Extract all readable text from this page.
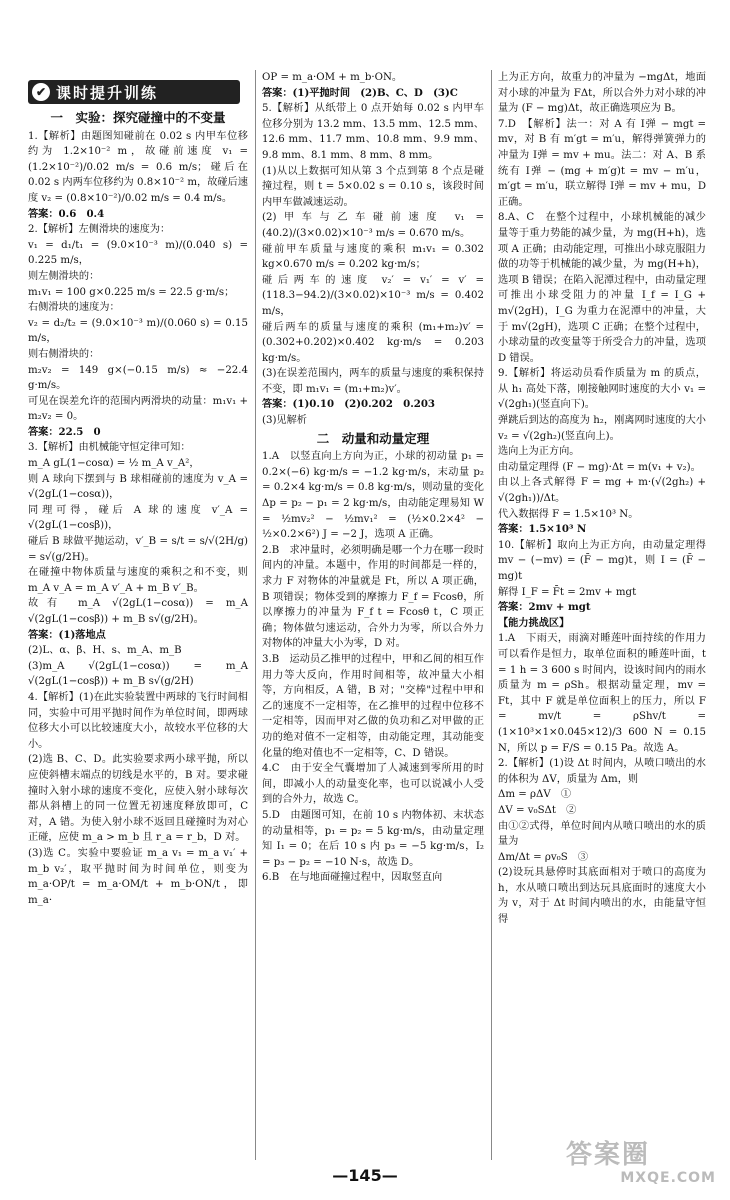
✔ 课时提升训练
一　实验：探究碰撞中的不变量
1.【解析】由题图知碰前在 0.02 s 内甲车位移约为 1.2×10⁻² m，故碰前速度 v₁ = (1.2×10⁻²)/0.02 m/s = 0.6 m/s；碰后在 0.02 s 内两车位移约为 0.8×10⁻² m，故碰后速度 v₂ = (0.8×10⁻²)/0.02 m/s = 0.4 m/s。
答案：0.6　0.4
2.【解析】左侧滑块的速度为：
v₁ = d₁/t₁ = (9.0×10⁻³ m)/(0.040 s) = 0.225 m/s，
则左侧滑块的：
m₁v₁ = 100 g×0.225 m/s = 22.5 g·m/s；
右侧滑块的速度为：
v₂ = d₂/t₂ = (9.0×10⁻³ m)/(0.060 s) = 0.15 m/s，
则右侧滑块的：
m₂v₂ = 149 g×(−0.15 m/s) ≈ −22.4 g·m/s。
可见在误差允许的范围内两滑块的动量：m₁v₁ + m₂v₂ = 0。
答案：22.5　0
3.【解析】由机械能守恒定律可知：
m_A gL(1−cosα) = ½ m_A v_A²，
则 A 球向下摆到与 B 球相碰前的速度为 v_A = √(2gL(1−cosα))，
同理可得，碰后 A 球的速度 v′_A = √(2gL(1−cosβ))，
碰后 B 球做平抛运动，v′_B = s/t = s/√(2H/g) = s√(g/2H)。
在碰撞中物体质量与速度的乘积之和不变，则 m_A v_A = m_A v′_A + m_B v′_B。
故有 m_A √(2gL(1−cosα)) = m_A √(2gL(1−cosβ)) + m_B s√(g/2H)。
答案：(1)落地点
(2)L、α、β、H、s、m_A、m_B
(3)m_A √(2gL(1−cosα)) = m_A √(2gL(1−cosβ)) + m_B s√(g/2H)
4.【解析】(1)在此实验装置中两球的飞行时间相同，实验中可用平抛时间作为单位时间，即两球位移大小可以比较速度大小，故较水平位移的大小。
(2)选 B、C、D。此实验要求两小球平抛，所以应使斜槽末端点的切线是水平的，B 对。要求碰撞时入射小球的速度不变化，应使入射小球每次都从斜槽上的同一位置无初速度释放即可，C 对，A 错。为使入射小球不返回且碰撞时为对心正碰，应使 m_a > m_b 且 r_a = r_b，D 对。
(3)选 C。实验中要验证 m_a v₁ = m_a v₁′ + m_b v₂′，取平抛时间为时间单位，则变为 m_a·OP/t = m_a·OM/t + m_b·ON/t，即 m_a·
OP = m_a·OM + m_b·ON。
答案：(1)平抛时间　(2)B、C、D　(3)C
5.【解析】从纸带上 0 点开始每 0.02 s 内甲车位移分别为 13.2 mm、13.5 mm、12.5 mm、12.6 mm、11.7 mm、10.8 mm、9.9 mm、9.8 mm、8.1 mm、8 mm、8 mm。
(1)从以上数据可知从第 3 个点到第 8 个点是碰撞过程，则 t = 5×0.02 s = 0.10 s，该段时间内甲车做减速运动。
(2)甲车与乙车碰前速度 v₁ = (40.2)/(3×0.02)×10⁻³ m/s = 0.670 m/s。
碰前甲车质量与速度的乘积 m₁v₁ = 0.302 kg×0.670 m/s = 0.202 kg·m/s；
碰后两车的速度 v₂′ = v₁′ = v′ = (118.3−94.2)/(3×0.02)×10⁻³ m/s = 0.402 m/s，
碰后两车的质量与速度的乘积 (m₁+m₂)v′ = (0.302+0.202)×0.402 kg·m/s = 0.203 kg·m/s。
(3)在误差范围内，两车的质量与速度的乘积保持不变，即 m₁v₁ = (m₁+m₂)v′。
答案：(1)0.10　(2)0.202　0.203
(3)见解析
二　动量和动量定理
1.A　以竖直向上方向为正，小球的初动量 p₁ = 0.2×(−6) kg·m/s = −1.2 kg·m/s，末动量 p₂ = 0.2×4 kg·m/s = 0.8 kg·m/s，则动量的变化 Δp = p₂ − p₁ = 2 kg·m/s，由动能定理易知 W = ½mv₂² − ½mv₁² = (½×0.2×4² − ½×0.2×6²) J = −2 J，选项 A 正确。
2.B　求冲量时，必须明确是哪一个力在哪一段时间内的冲量。本题中，作用的时间都是一样的，求力 F 对物体的冲量就是 Ft，所以 A 项正确，B 项错误；物体受到的摩擦力 F_f = Fcosθ，所以摩擦力的冲量为 F_f t = Fcosθ t，C 项正确；物体做匀速运动，合外力为零，所以合外力对物体的冲量大小为零，D 对。
3.B　运动员乙推甲的过程中，甲和乙间的相互作用力等大反向，作用时间相等，故冲量大小相等，方向相反，A 错，B 对；"交棒"过程中甲和乙的速度不一定相等，在乙推甲的过程中位移不一定相等，因而甲对乙做的负功和乙对甲做的正功的绝对值不一定相等，由动能定理，其动能变化量的绝对值也不一定相等，C、D 错误。
4.C　由于安全气囊增加了人减速到零所用的时间，即减小人的动量变化率，也可以说减小人受到的合外力，故选 C。
5.D　由题图可知，在前 10 s 内物体初、末状态的动量相等，p₁ = p₂ = 5 kg·m/s，由动量定理知 I₁ = 0；在后 10 s 内 p₃ = −5 kg·m/s，I₂ = p₃ − p₂ = −10 N·s，故选 D。
6.B　在与地面碰撞过程中，因取竖直向
上为正方向，故重力的冲量为 −mgΔt，地面对小球的冲量为 FΔt，所以合外力对小球的冲量为 (F − mg)Δt，故正确选项应为 B。
7.D　【解析】法一：对 A 有 I弹 − mgt = mv，对 B 有 m′gt = m′u，解得弹簧弹力的冲量为 I弹 = mv + mu。法二：对 A、B 系统有 I弹 − (mg + m′g)t = mv − m′u，m′gt = m′u，联立解得 I弹 = mv + mu，D 正确。
8.A、C　在整个过程中，小球机械能的减少量等于重力势能的减少量，为 mg(H+h)，选项 A 正确；由动能定理，可推出小球克服阻力做的功等于机械能的减少量，为 mg(H+h)，选项 B 错误；在陷入泥潭过程中，由动量定理可推出小球受阻力的冲量 I_f = I_G + m√(2gH)，I_G 为重力在泥潭中的冲量，大于 m√(2gH)，选项 C 正确；在整个过程中，小球动量的改变量等于所受合力的冲量，选项 D 错误。
9.【解析】将运动员看作质量为 m 的质点，从 h₁ 高处下落，刚接触网时速度的大小 v₁ = √(2gh₁)(竖直向下)。
弹跳后到达的高度为 h₂，刚离网时速度的大小 v₂ = √(2gh₂)(竖直向上)。
选向上为正方向。
由动量定理得 (F − mg)·Δt = m(v₁ + v₂)。
由以上各式解得 F = mg + m·(√(2gh₂) + √(2gh₁))/Δt。
代入数据得 F = 1.5×10³ N。
答案：1.5×10³ N
10.【解析】取向上为正方向，由动量定理得 mv − (−mv) = (F̄ − mg)t，则 I = (F̄ − mg)t
解得 I_F = F̄t = 2mv + mgt
答案：2mv + mgt
【能力挑战区】
1.A　下雨天，雨滴对睡莲叶面持续的作用力可以看作是恒力，取单位面积的睡莲叶面，t = 1 h = 3 600 s 时间内，设该时间内的雨水质量为 m = ρSh。根据动量定理，mv = Ft，其中 F 就是单位面积上的压力，所以 F = mv/t = ρShv/t = (1×10³×1×0.045×12)/3 600 N = 0.15 N，所以 p = F/S = 0.15 Pa。故选 A。
2.【解析】(1)设 Δt 时间内，从喷口喷出的水的体积为 ΔV，质量为 Δm，则
Δm = ρΔV　①
ΔV = v₀SΔt　②
由①②式得，单位时间内从喷口喷出的水的质量为
Δm/Δt = ρv₀S　③
(2)设玩具悬停时其底面相对于喷口的高度为 h，水从喷口喷出到达玩具底面时的速度大小为 v，对于 Δt 时间内喷出的水，由能量守恒得
—145—
答案圈
MXQE.COM
